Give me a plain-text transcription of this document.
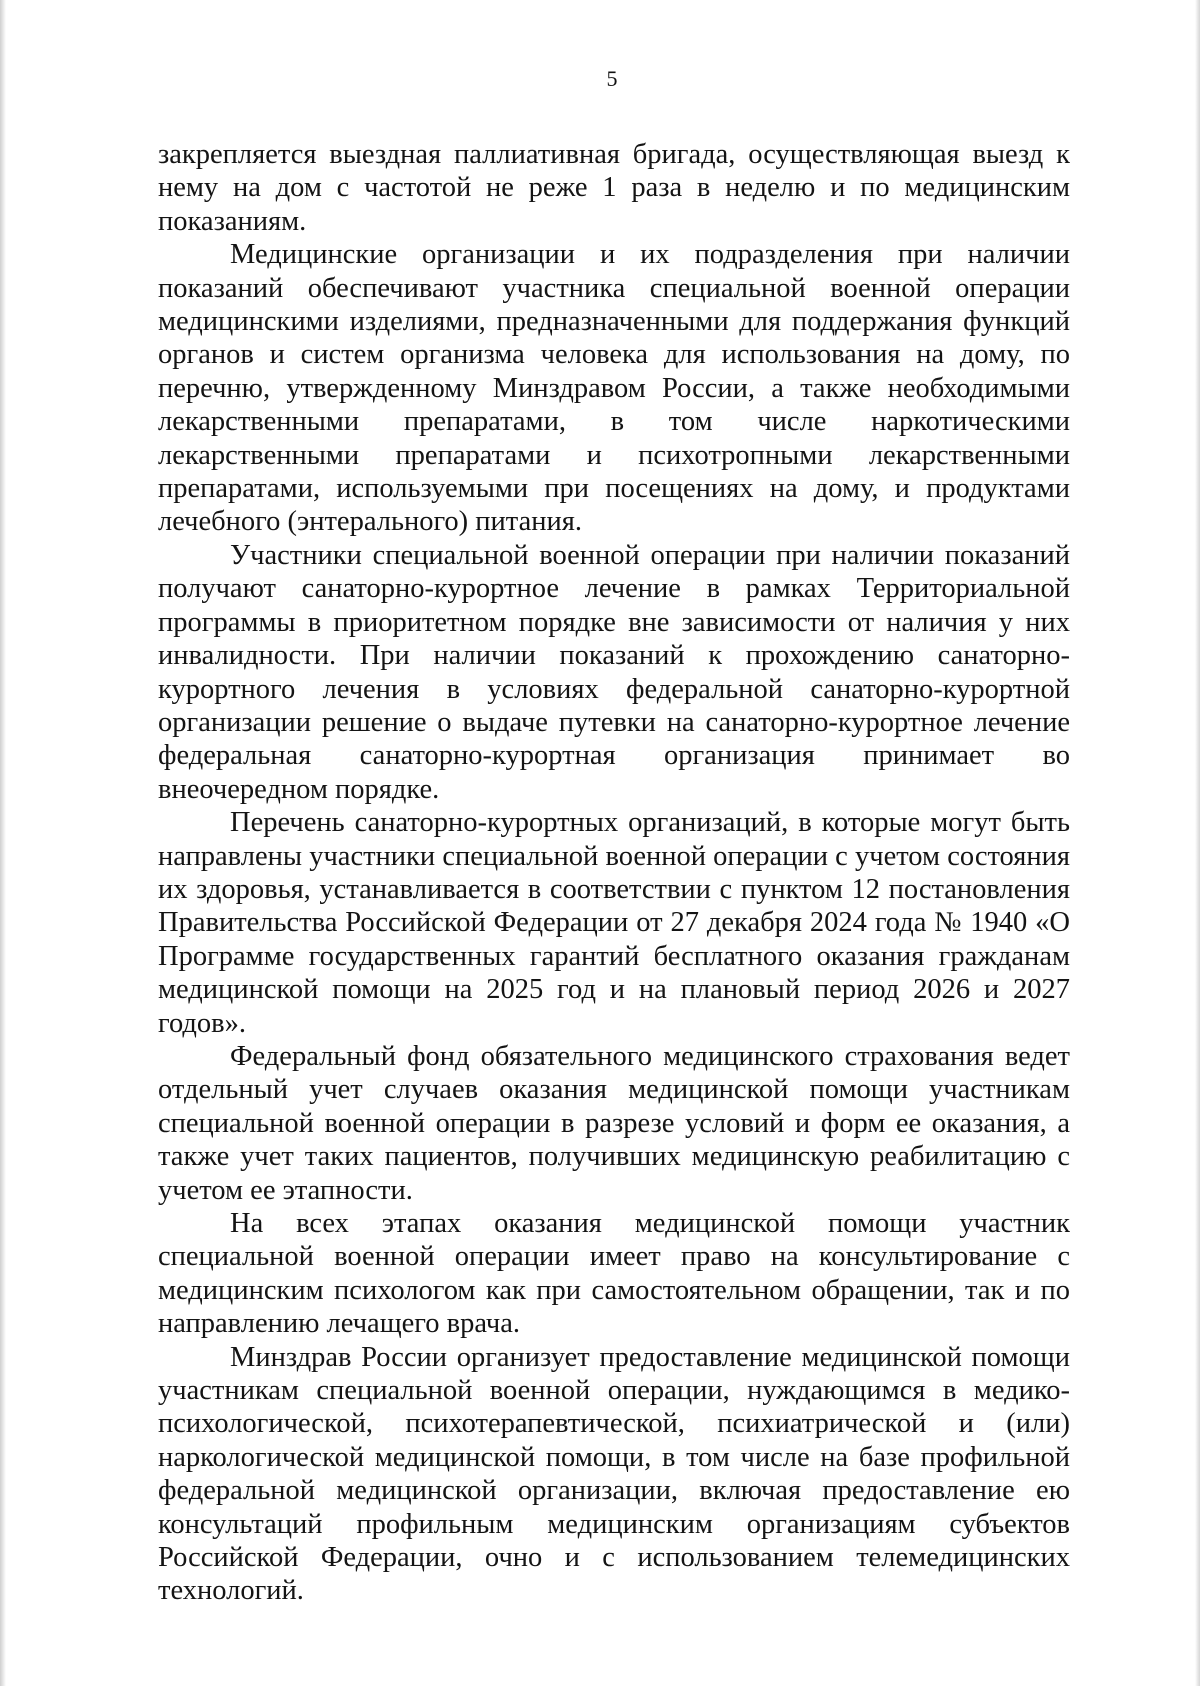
5

закрепляется выездная паллиативная бригада, осуществляющая выезд к нему на дом с частотой не реже 1 раза в неделю и по медицинским показаниям.

Медицинские организации и их подразделения при наличии показаний обеспечивают участника специальной военной операции медицинскими изделиями, предназначенными для поддержания функций органов и систем организма человека для использования на дому, по перечню, утвержденному Минздравом России, а также необходимыми лекарственными препаратами, в том числе наркотическими лекарственными препаратами и психотропными лекарственными препаратами, используемыми при посещениях на дому, и продуктами лечебного (энтерального) питания.

Участники специальной военной операции при наличии показаний получают санаторно-курортное лечение в рамках Территориальной программы в приоритетном порядке вне зависимости от наличия у них инвалидности. При наличии показаний к прохождению санаторно-курортного лечения в условиях федеральной санаторно-курортной организации решение о выдаче путевки на санаторно-курортное лечение федеральная санаторно-курортная организация принимает во внеочередном порядке.

Перечень санаторно-курортных организаций, в которые могут быть направлены участники специальной военной операции с учетом состояния их здоровья, устанавливается в соответствии с пунктом 12 постановления Правительства Российской Федерации от 27 декабря 2024 года № 1940 «О Программе государственных гарантий бесплатного оказания гражданам медицинской помощи на 2025 год и на плановый период 2026 и 2027 годов».

Федеральный фонд обязательного медицинского страхования ведет отдельный учет случаев оказания медицинской помощи участникам специальной военной операции в разрезе условий и форм ее оказания, а также учет таких пациентов, получивших медицинскую реабилитацию с учетом ее этапности.

На всех этапах оказания медицинской помощи участник специальной военной операции имеет право на консультирование с медицинским психологом как при самостоятельном обращении, так и по направлению лечащего врача.

Минздрав России организует предоставление медицинской помощи участникам специальной военной операции, нуждающимся в медико-психологической, психотерапевтической, психиатрической и (или) наркологической медицинской помощи, в том числе на базе профильной федеральной медицинской организации, включая предоставление ею консультаций профильным медицинским организациям субъектов Российской Федерации, очно и с использованием телемедицинских технологий.
